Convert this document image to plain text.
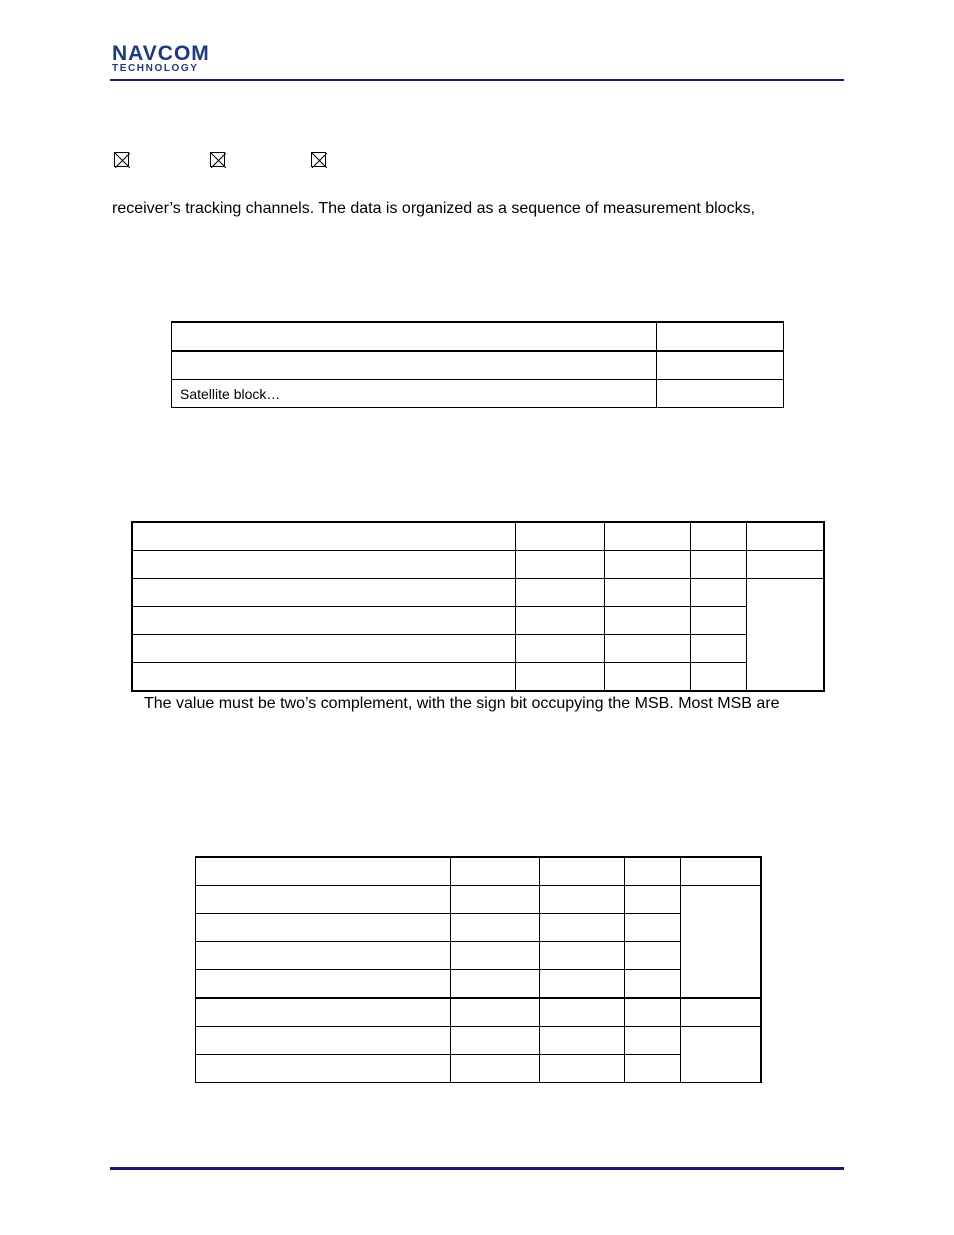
NAVCOM
TECHNOLOGY
receiver’s tracking channels. The data is organized as a sequence of measurement blocks,

Satellite block…	

The value must be two’s complement, with the sign bit occupying the MSB. Most MSB are
